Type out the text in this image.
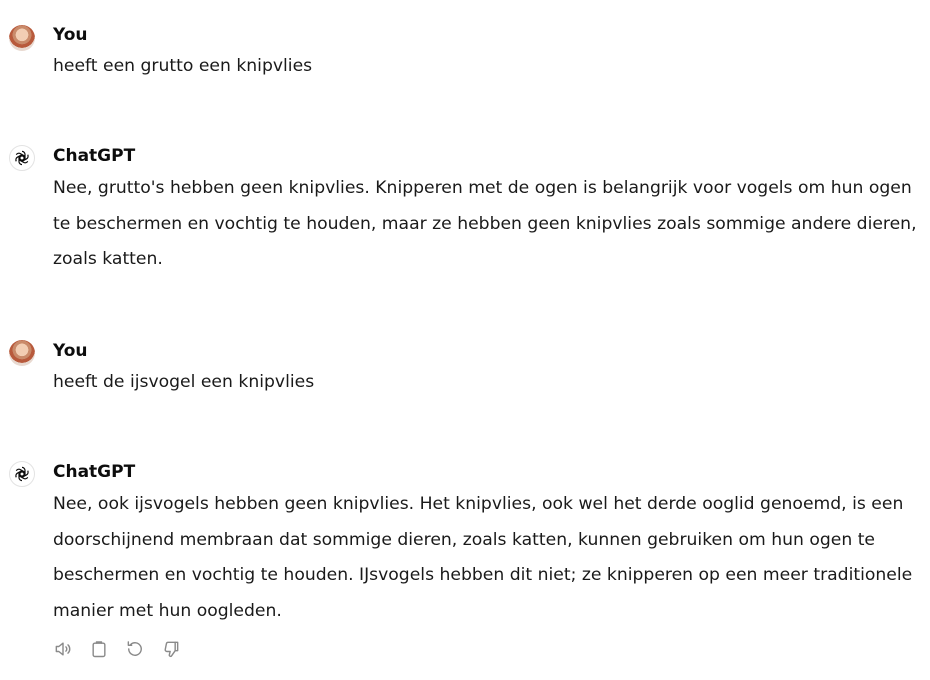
You

heeft een grutto een knipvlies

ChatGPT

Nee, grutto's hebben geen knipvlies. Knipperen met de ogen is belangrijk voor vogels om hun ogen te beschermen en vochtig te houden, maar ze hebben geen knipvlies zoals sommige andere dieren, zoals katten.

You

heeft de ijsvogel een knipvlies

ChatGPT

Nee, ook ijsvogels hebben geen knipvlies. Het knipvlies, ook wel het derde ooglid genoemd, is een doorschijnend membraan dat sommige dieren, zoals katten, kunnen gebruiken om hun ogen te beschermen en vochtig te houden. IJsvogels hebben dit niet; ze knipperen op een meer traditionele manier met hun oogleden.
